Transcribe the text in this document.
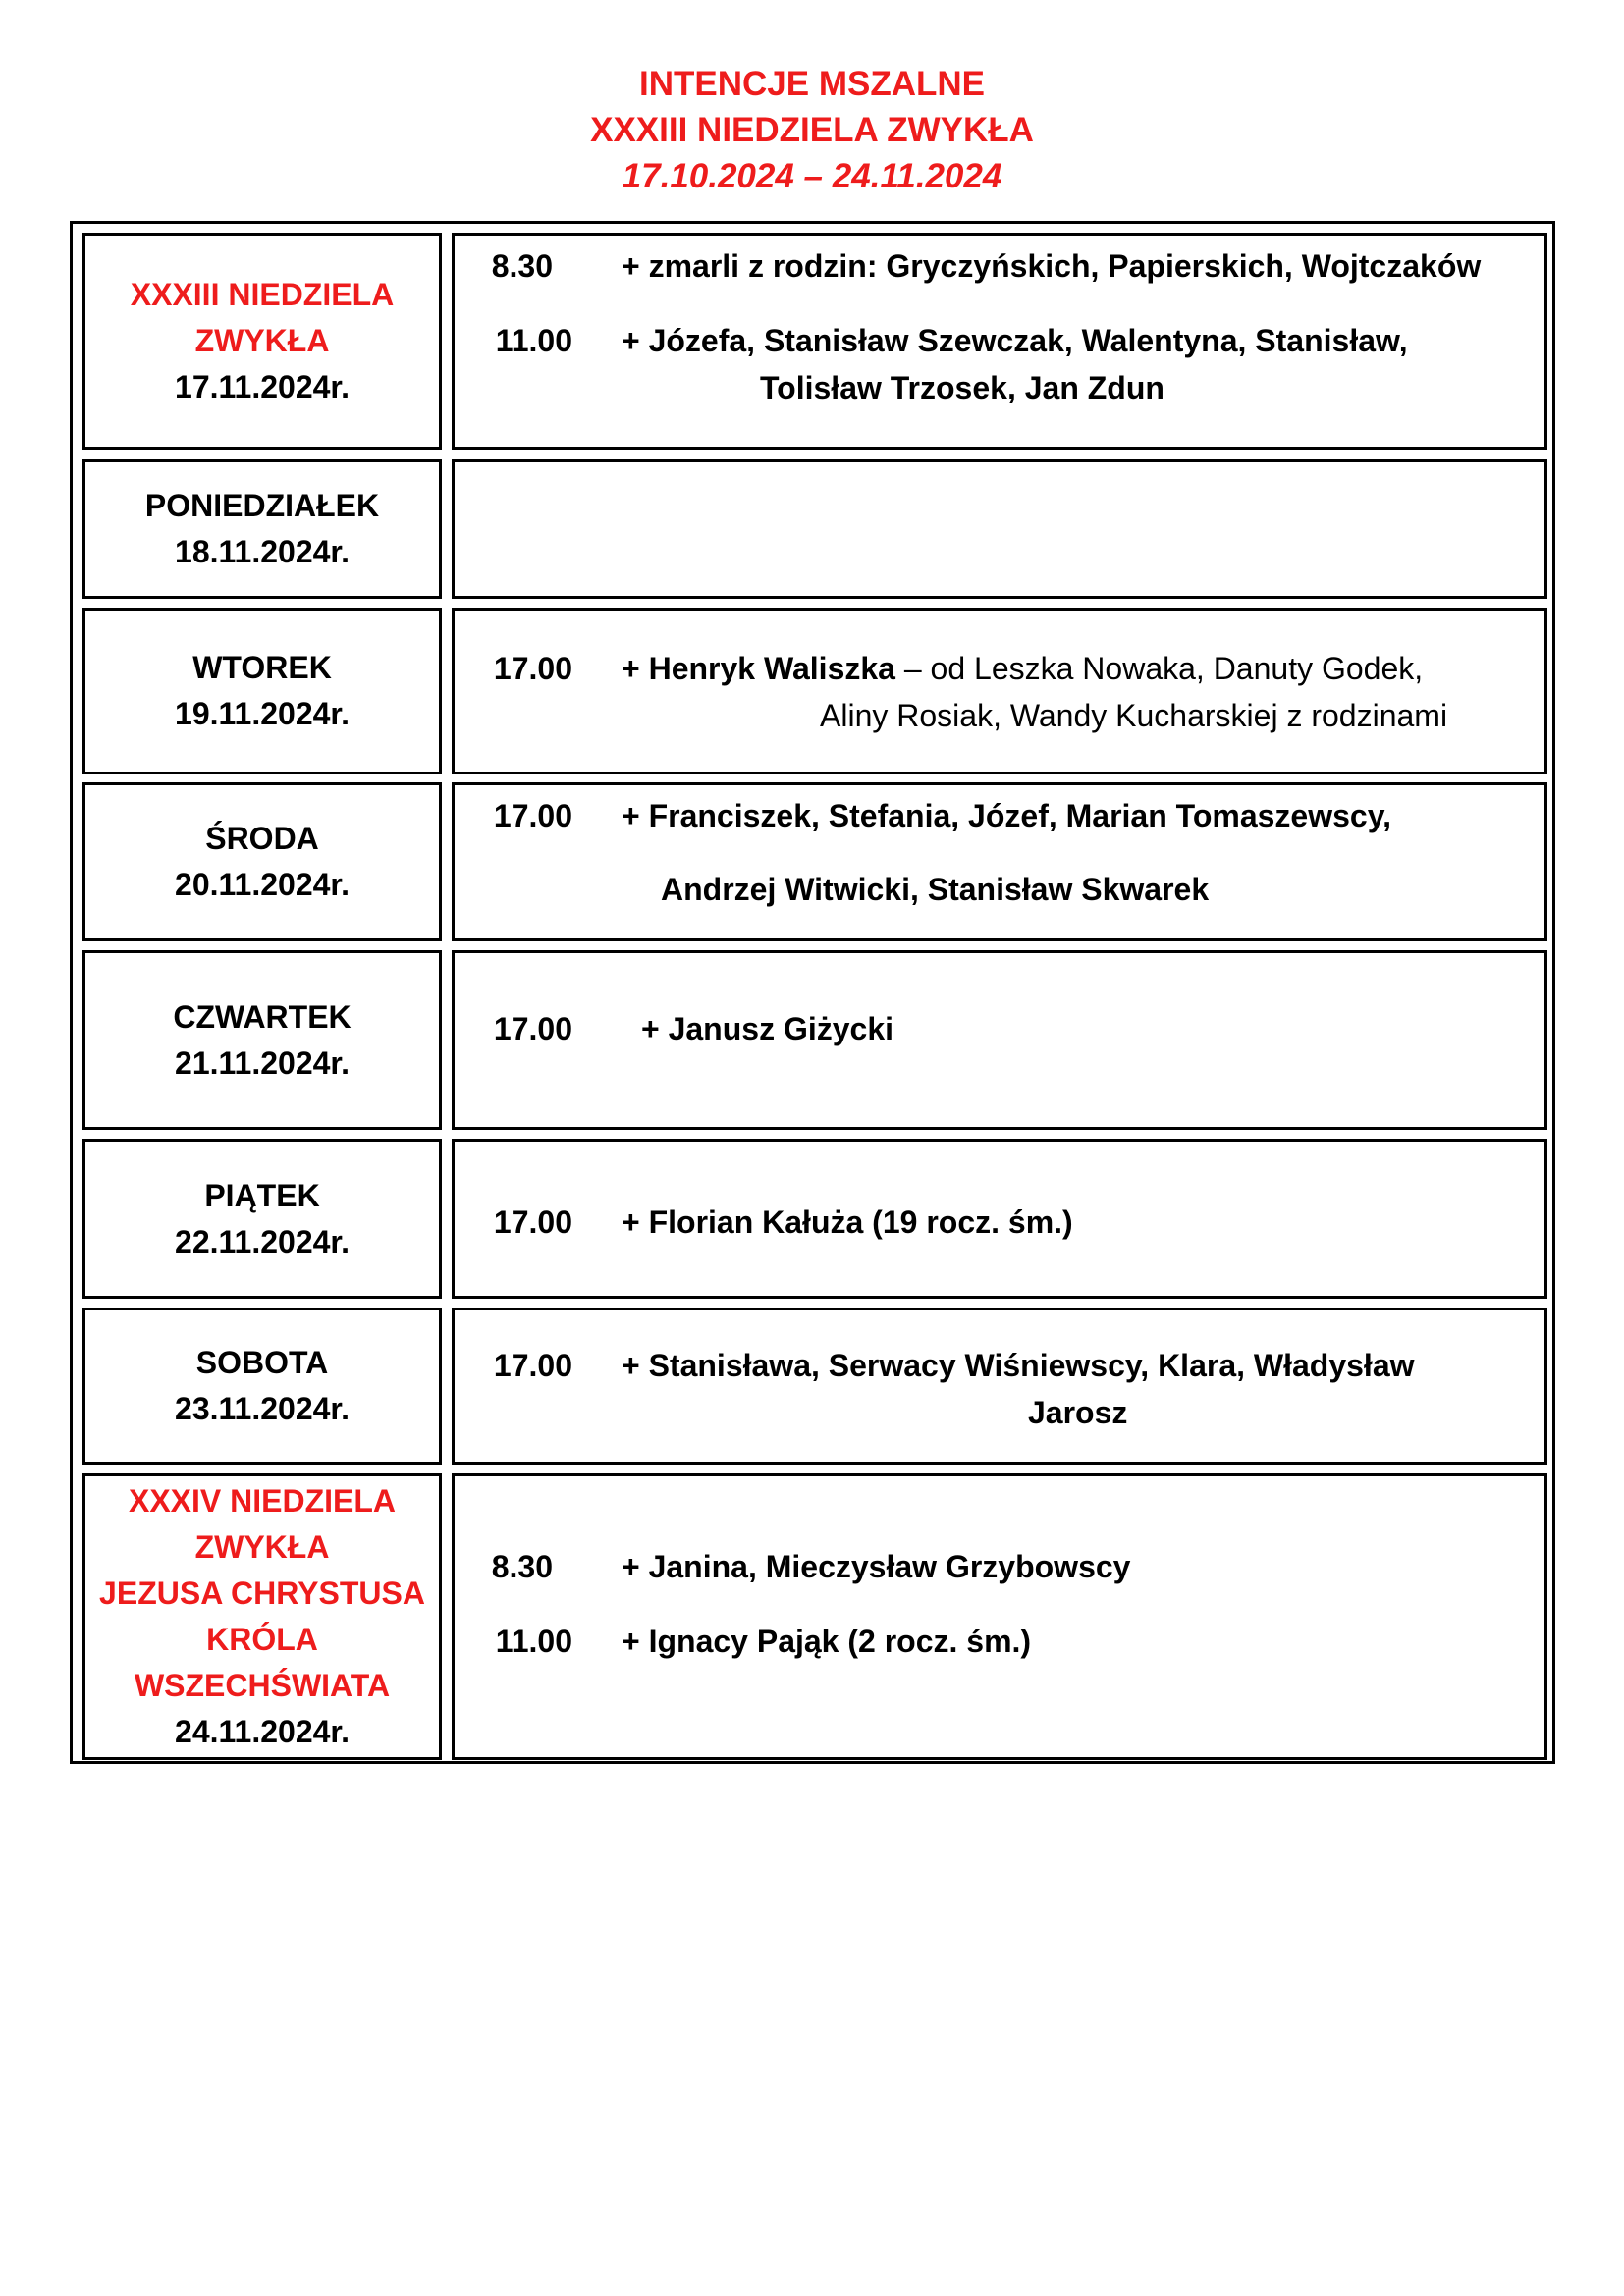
INTENCJE MSZALNE
XXXIII NIEDZIELA ZWYKŁA
17.10.2024 – 24.11.2024
XXXIII NIEDZIELA
ZWYKŁA
17.11.2024r.
8.30 + zmarli z rodzin: Gryczyńskich, Papierskich, Wojtczaków
11.00 + Józefa, Stanisław Szewczak, Walentyna, Stanisław,
Tolisław Trzosek, Jan Zdun
PONIEDZIAŁEK
18.11.2024r.
WTOREK
19.11.2024r.
17.00 + Henryk Waliszka – od Leszka Nowaka, Danuty Godek,
Aliny Rosiak, Wandy Kucharskiej z rodzinami
ŚRODA
20.11.2024r.
17.00 + Franciszek, Stefania, Józef, Marian Tomaszewscy,
Andrzej Witwicki, Stanisław Skwarek
CZWARTEK
21.11.2024r.
17.00 + Janusz Giżycki
PIĄTEK
22.11.2024r.
17.00 + Florian Kałuża (19 rocz. śm.)
SOBOTA
23.11.2024r.
17.00 + Stanisława, Serwacy Wiśniewscy, Klara, Władysław
Jarosz
XXXIV NIEDZIELA
ZWYKŁA
JEZUSA CHRYSTUSA
KRÓLA
WSZECHŚWIATA
24.11.2024r.
8.30 + Janina, Mieczysław Grzybowscy
11.00 + Ignacy Pająk (2 rocz. śm.)
